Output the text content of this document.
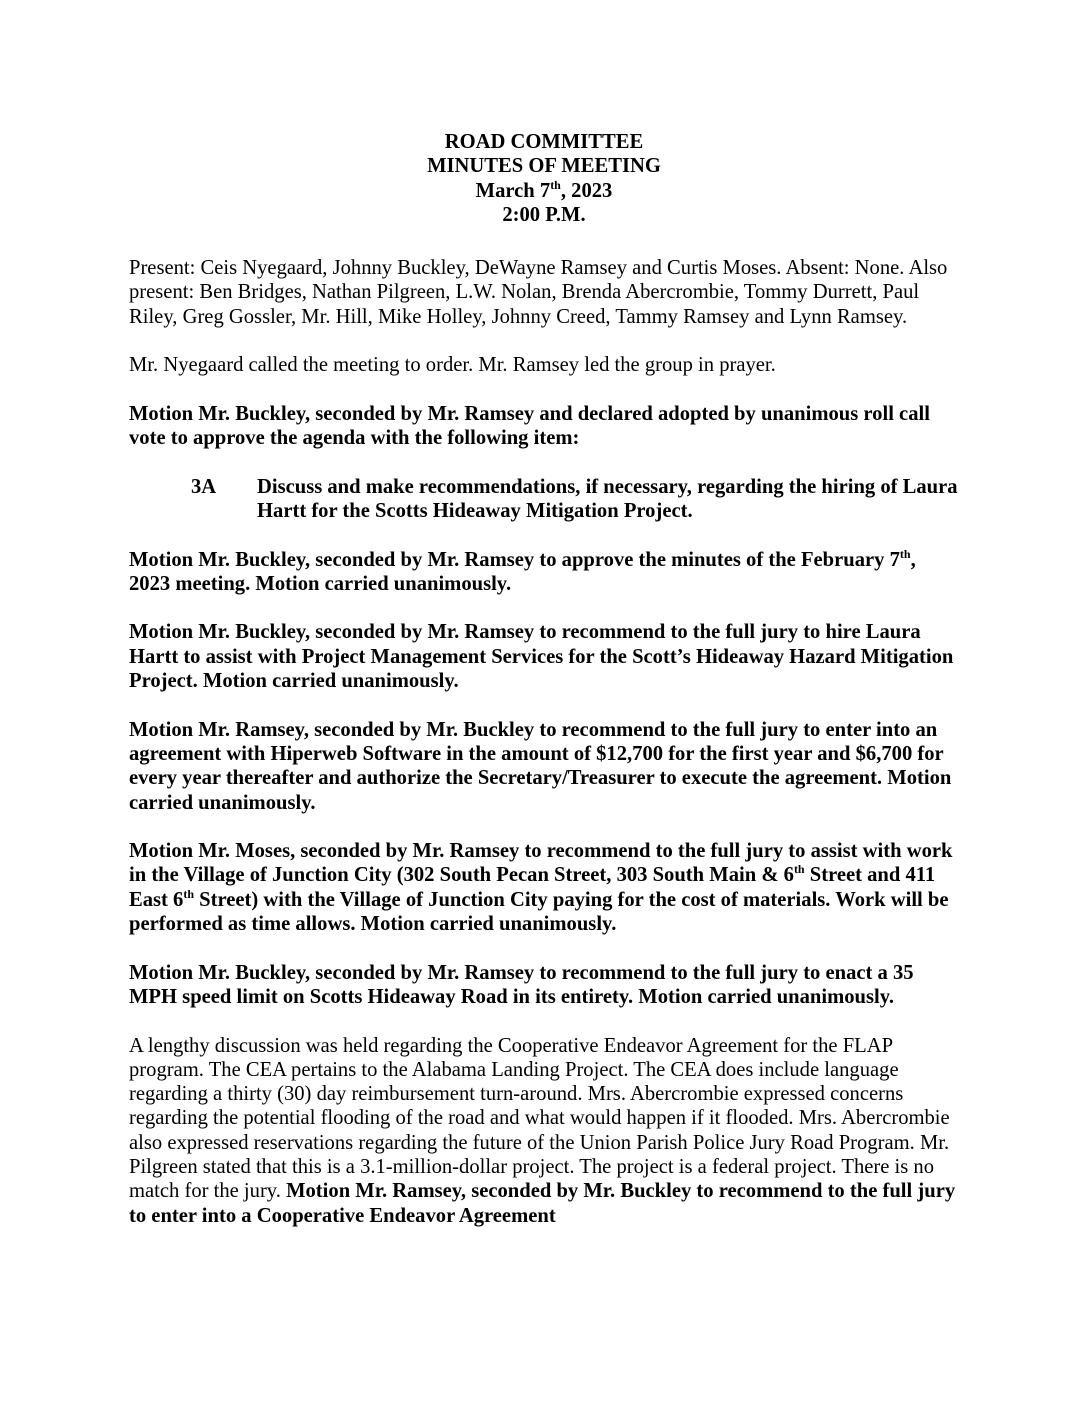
ROAD COMMITTEE
MINUTES OF MEETING
March 7th, 2023
2:00 P.M.

Present: Ceis Nyegaard, Johnny Buckley, DeWayne Ramsey and Curtis Moses. Absent: None. Also present: Ben Bridges, Nathan Pilgreen, L.W. Nolan, Brenda Abercrombie, Tommy Durrett, Paul Riley, Greg Gossler, Mr. Hill, Mike Holley, Johnny Creed, Tammy Ramsey and Lynn Ramsey.

Mr. Nyegaard called the meeting to order. Mr. Ramsey led the group in prayer.

Motion Mr. Buckley, seconded by Mr. Ramsey and declared adopted by unanimous roll call vote to approve the agenda with the following item:

3A	Discuss and make recommendations, if necessary, regarding the hiring of Laura Hartt for the Scotts Hideaway Mitigation Project.

Motion Mr. Buckley, seconded by Mr. Ramsey to approve the minutes of the February 7th, 2023 meeting. Motion carried unanimously.

Motion Mr. Buckley, seconded by Mr. Ramsey to recommend to the full jury to hire Laura Hartt to assist with Project Management Services for the Scott’s Hideaway Hazard Mitigation Project. Motion carried unanimously.

Motion Mr. Ramsey, seconded by Mr. Buckley to recommend to the full jury to enter into an agreement with Hiperweb Software in the amount of $12,700 for the first year and $6,700 for every year thereafter and authorize the Secretary/Treasurer to execute the agreement. Motion carried unanimously.

Motion Mr. Moses, seconded by Mr. Ramsey to recommend to the full jury to assist with work in the Village of Junction City (302 South Pecan Street, 303 South Main & 6th Street and 411 East 6th Street) with the Village of Junction City paying for the cost of materials. Work will be performed as time allows. Motion carried unanimously.

Motion Mr. Buckley, seconded by Mr. Ramsey to recommend to the full jury to enact a 35 MPH speed limit on Scotts Hideaway Road in its entirety. Motion carried unanimously.

A lengthy discussion was held regarding the Cooperative Endeavor Agreement for the FLAP program. The CEA pertains to the Alabama Landing Project. The CEA does include language regarding a thirty (30) day reimbursement turn-around. Mrs. Abercrombie expressed concerns regarding the potential flooding of the road and what would happen if it flooded. Mrs. Abercrombie also expressed reservations regarding the future of the Union Parish Police Jury Road Program. Mr. Pilgreen stated that this is a 3.1-million-dollar project. The project is a federal project. There is no match for the jury. Motion Mr. Ramsey, seconded by Mr. Buckley to recommend to the full jury to enter into a Cooperative Endeavor Agreement
